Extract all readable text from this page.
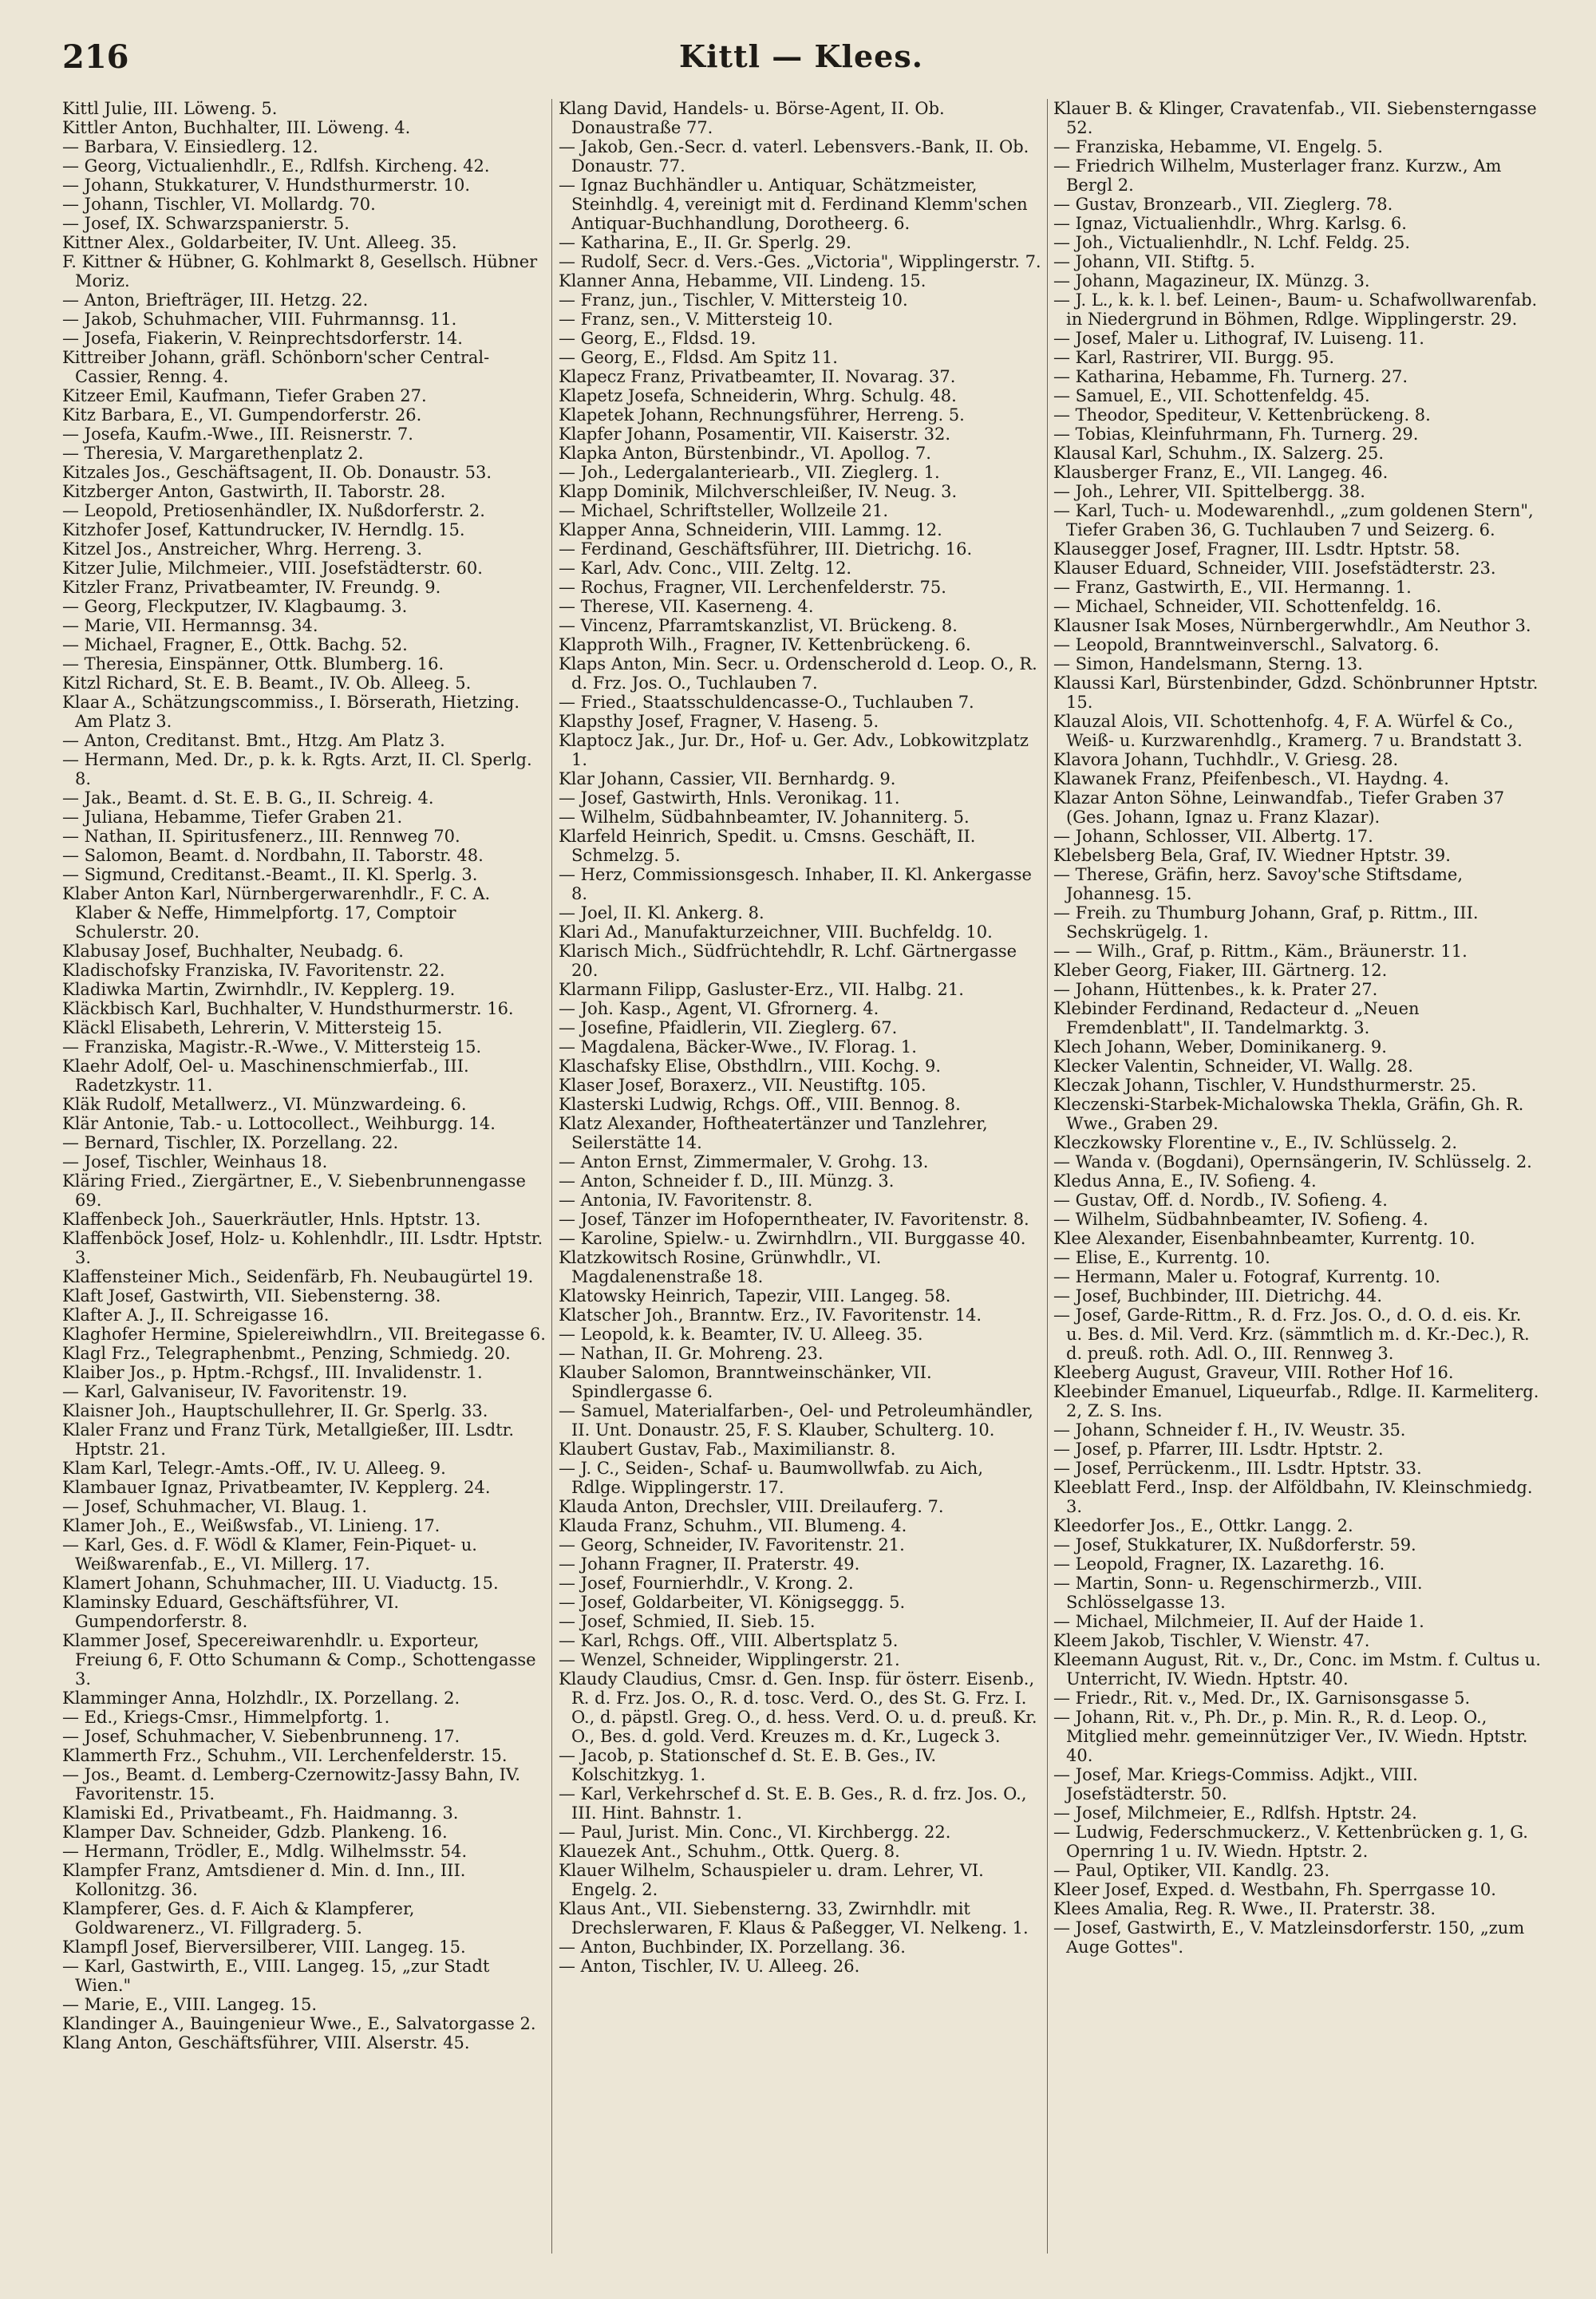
216	Kittl — Klees.

Kittl Julie, III. Löweng. 5.

Kittler Anton, Buchhalter, III. Löweng. 4.

— Barbara, V. Einsiedlerg. 12.

— Georg, Victualienhdlr., E., Rdlfsh. Kircheng. 42.

— Johann, Stukkaturer, V. Hundsthurmerstr. 10.

— Johann, Tischler, VI. Mollardg. 70.

— Josef, IX. Schwarzspanierstr. 5.

Kittner Alex., Goldarbeiter, IV. Unt. Alleeg. 35.

F. Kittner & Hübner, G. Kohlmarkt 8, Gesellsch. Hübner Moriz.

— Anton, Briefträger, III. Hetzg. 22.

— Jakob, Schuhmacher, VIII. Fuhrmannsg. 11.

— Josefa, Fiakerin, V. Reinprechtsdorferstr. 14.

Kittreiber Johann, gräfl. Schönborn'scher Central-Cassier, Renng. 4.

Kitzeer Emil, Kaufmann, Tiefer Graben 27.

Kitz Barbara, E., VI. Gumpendorferstr. 26.

— Josefa, Kaufm.-Wwe., III. Reisnerstr. 7.

— Theresia, V. Margarethenplatz 2.

Kitzales Jos., Geschäftsagent, II. Ob. Donaustr. 53.

Kitzberger Anton, Gastwirth, II. Taborstr. 28.

— Leopold, Pretiosenhändler, IX. Nußdorferstr. 2.

Kitzhofer Josef, Kattundrucker, IV. Herndlg. 15.

Kitzel Jos., Anstreicher, Whrg. Herreng. 3.

Kitzer Julie, Milchmeier., VIII. Josefstädterstr. 60.

Kitzler Franz, Privatbeamter, IV. Freundg. 9.

— Georg, Fleckputzer, IV. Klagbaumg. 3.

— Marie, VII. Hermannsg. 34.

— Michael, Fragner, E., Ottk. Bachg. 52.

— Theresia, Einspänner, Ottk. Blumberg. 16.

Kitzl Richard, St. E. B. Beamt., IV. Ob. Alleeg. 5.

Klaar A., Schätzungscommiss., I. Börserath, Hietzing. Am Platz 3.

— Anton, Creditanst. Bmt., Htzg. Am Platz 3.

— Hermann, Med. Dr., p. k. k. Rgts. Arzt, II. Cl. Sperlg. 8.

— Jak., Beamt. d. St. E. B. G., II. Schreig. 4.

— Juliana, Hebamme, Tiefer Graben 21.

— Nathan, II. Spiritusfenerz., III. Rennweg 70.

— Salomon, Beamt. d. Nordbahn, II. Taborstr. 48.

— Sigmund, Creditanst.-Beamt., II. Kl. Sperlg. 3.

Klaber Anton Karl, Nürnbergerwarenhdlr., F. C. A. Klaber & Neffe, Himmelpfortg. 17, Comptoir Schulerstr. 20.

Klabusay Josef, Buchhalter, Neubadg. 6.

Kladischofsky Franziska, IV. Favoritenstr. 22.

Kladiwka Martin, Zwirnhdlr., IV. Kepplerg. 19.

Kläckbisch Karl, Buchhalter, V. Hundsthurmerstr. 16.

Kläckl Elisabeth, Lehrerin, V. Mittersteig 15.

— Franziska, Magistr.-R.-Wwe., V. Mittersteig 15.

Klaehr Adolf, Oel- u. Maschinenschmierfab., III. Radetzkystr. 11.

Kläk Rudolf, Metallwerz., VI. Münzwardeing. 6.

Klär Antonie, Tab.- u. Lottocollect., Weihburgg. 14.

— Bernard, Tischler, IX. Porzellang. 22.

— Josef, Tischler, Weinhaus 18.

Kläring Fried., Ziergärtner, E., V. Siebenbrunnengasse 69.

Klaffenbeck Joh., Sauerkräutler, Hnls. Hptstr. 13.

Klaffenböck Josef, Holz- u. Kohlenhdlr., III. Lsdtr. Hptstr. 3.

Klaffensteiner Mich., Seidenfärb, Fh. Neubaugürtel 19.

Klaft Josef, Gastwirth, VII. Siebensterng. 38.

Klafter A. J., II. Schreigasse 16.

Klaghofer Hermine, Spielereiwhdlrn., VII. Breitegasse 6.

Klagl Frz., Telegraphenbmt., Penzing, Schmiedg. 20.

Klaiber Jos., p. Hptm.-Rchgsf., III. Invalidenstr. 1.

— Karl, Galvaniseur, IV. Favoritenstr. 19.

Klaisner Joh., Hauptschullehrer, II. Gr. Sperlg. 33.

Klaler Franz und Franz Türk, Metallgießer, III. Lsdtr. Hptstr. 21.

Klam Karl, Telegr.-Amts.-Off., IV. U. Alleeg. 9.

Klambauer Ignaz, Privatbeamter, IV. Kepplerg. 24.

— Josef, Schuhmacher, VI. Blaug. 1.

Klamer Joh., E., Weißwsfab., VI. Linieng. 17.

— Karl, Ges. d. F. Wödl & Klamer, Fein-Piquet- u. Weißwarenfab., E., VI. Millerg. 17.

Klamert Johann, Schuhmacher, III. U. Viaductg. 15.

Klaminsky Eduard, Geschäftsführer, VI. Gumpendorferstr. 8.

Klammer Josef, Specereiwarenhdlr. u. Exporteur, Freiung 6, F. Otto Schumann & Comp., Schottengasse 3.

Klamminger Anna, Holzhdlr., IX. Porzellang. 2.

— Ed., Kriegs-Cmsr., Himmelpfortg. 1.

— Josef, Schuhmacher, V. Siebenbrunneng. 17.

Klammerth Frz., Schuhm., VII. Lerchenfelderstr. 15.

— Jos., Beamt. d. Lemberg-Czernowitz-Jassy Bahn, IV. Favoritenstr. 15.

Klamiski Ed., Privatbeamt., Fh. Haidmanng. 3.

Klamper Dav. Schneider, Gdzb. Plankeng. 16.

— Hermann, Trödler, E., Mdlg. Wilhelmsstr. 54.

Klampfer Franz, Amtsdiener d. Min. d. Inn., III. Kollonitzg. 36.

Klampferer, Ges. d. F. Aich & Klampferer, Goldwarenerz., VI. Fillgraderg. 5.

Klampfl Josef, Bierversilberer, VIII. Langeg. 15.

— Karl, Gastwirth, E., VIII. Langeg. 15, „zur Stadt Wien."

— Marie, E., VIII. Langeg. 15.

Klandinger A., Bauingenieur Wwe., E., Salvatorgasse 2.

Klang Anton, Geschäftsführer, VIII. Alserstr. 45.

Klang David, Handels- u. Börse-Agent, II. Ob. Donaustraße 77.

— Jakob, Gen.-Secr. d. vaterl. Lebensvers.-Bank, II. Ob. Donaustr. 77.

— Ignaz Buchhändler u. Antiquar, Schätzmeister, Steinhdlg. 4, vereinigt mit d. Ferdinand Klemm'schen Antiquar-Buchhandlung, Dorotheerg. 6.

— Katharina, E., II. Gr. Sperlg. 29.

— Rudolf, Secr. d. Vers.-Ges. „Victoria", Wipplingerstr. 7.

Klanner Anna, Hebamme, VII. Lindeng. 15.

— Franz, jun., Tischler, V. Mittersteig 10.

— Franz, sen., V. Mittersteig 10.

— Georg, E., Fldsd. 19.

— Georg, E., Fldsd. Am Spitz 11.

Klapecz Franz, Privatbeamter, II. Novarag. 37.

Klapetz Josefa, Schneiderin, Whrg. Schulg. 48.

Klapetek Johann, Rechnungsführer, Herreng. 5.

Klapfer Johann, Posamentir, VII. Kaiserstr. 32.

Klapka Anton, Bürstenbindr., VI. Apollog. 7.

— Joh., Ledergalanteriearb., VII. Zieglerg. 1.

Klapp Dominik, Milchverschleißer, IV. Neug. 3.

— Michael, Schriftsteller, Wollzeile 21.

Klapper Anna, Schneiderin, VIII. Lammg. 12.

— Ferdinand, Geschäftsführer, III. Dietrichg. 16.

— Karl, Adv. Conc., VIII. Zeltg. 12.

— Rochus, Fragner, VII. Lerchenfelderstr. 75.

— Therese, VII. Kaserneng. 4.

— Vincenz, Pfarramtskanzlist, VI. Brückeng. 8.

Klapproth Wilh., Fragner, IV. Kettenbrückeng. 6.

Klaps Anton, Min. Secr. u. Ordenscherold d. Leop. O., R. d. Frz. Jos. O., Tuchlauben 7.

— Fried., Staatsschuldencasse-O., Tuchlauben 7.

Klapsthy Josef, Fragner, V. Haseng. 5.

Klaptocz Jak., Jur. Dr., Hof- u. Ger. Adv., Lobkowitzplatz 1.

Klar Johann, Cassier, VII. Bernhardg. 9.

— Josef, Gastwirth, Hnls. Veronikag. 11.

— Wilhelm, Südbahnbeamter, IV. Johanniterg. 5.

Klarfeld Heinrich, Spedit. u. Cmsns. Geschäft, II. Schmelzg. 5.

— Herz, Commissionsgesch. Inhaber, II. Kl. Ankergasse 8.

— Joel, II. Kl. Ankerg. 8.

Klari Ad., Manufakturzeichner, VIII. Buchfeldg. 10.

Klarisch Mich., Südfrüchtehdlr, R. Lchf. Gärtnergasse 20.

Klarmann Filipp, Gasluster-Erz., VII. Halbg. 21.

— Joh. Kasp., Agent, VI. Gfrornerg. 4.

— Josefine, Pfaidlerin, VII. Zieglerg. 67.

— Magdalena, Bäcker-Wwe., IV. Florag. 1.

Klaschafsky Elise, Obsthdlrn., VIII. Kochg. 9.

Klaser Josef, Boraxerz., VII. Neustiftg. 105.

Klasterski Ludwig, Rchgs. Off., VIII. Bennog. 8.

Klatz Alexander, Hoftheatertänzer und Tanzlehrer, Seilerstätte 14.

— Anton Ernst, Zimmermaler, V. Grohg. 13.

— Anton, Schneider f. D., III. Münzg. 3.

— Antonia, IV. Favoritenstr. 8.

— Josef, Tänzer im Hofoperntheater, IV. Favoritenstr. 8.

— Karoline, Spielw.- u. Zwirnhdlrn., VII. Burggasse 40.

Klatzkowitsch Rosine, Grünwhdlr., VI. Magdalenenstraße 18.

Klatowsky Heinrich, Tapezir, VIII. Langeg. 58.

Klatscher Joh., Branntw. Erz., IV. Favoritenstr. 14.

— Leopold, k. k. Beamter, IV. U. Alleeg. 35.

— Nathan, II. Gr. Mohreng. 23.

Klauber Salomon, Branntweinschänker, VII. Spindlergasse 6.

— Samuel, Materialfarben-, Oel- und Petroleumhändler, II. Unt. Donaustr. 25, F. S. Klauber, Schulterg. 10.

Klaubert Gustav, Fab., Maximilianstr. 8.

— J. C., Seiden-, Schaf- u. Baumwollwfab. zu Aich, Rdlge. Wipplingerstr. 17.

Klauda Anton, Drechsler, VIII. Dreilauferg. 7.

Klauda Franz, Schuhm., VII. Blumeng. 4.

— Georg, Schneider, IV. Favoritenstr. 21.

— Johann Fragner, II. Praterstr. 49.

— Josef, Fournierhdlr., V. Krong. 2.

— Josef, Goldarbeiter, VI. Königseggg. 5.

— Josef, Schmied, II. Sieb. 15.

— Karl, Rchgs. Off., VIII. Albertsplatz 5.

— Wenzel, Schneider, Wipplingerstr. 21.

Klaudy Claudius, Cmsr. d. Gen. Insp. für österr. Eisenb., R. d. Frz. Jos. O., R. d. tosc. Verd. O., des St. G. Frz. I. O., d. päpstl. Greg. O., d. hess. Verd. O. u. d. preuß. Kr. O., Bes. d. gold. Verd. Kreuzes m. d. Kr., Lugeck 3.

— Jacob, p. Stationschef d. St. E. B. Ges., IV. Kolschitzkyg. 1.

— Karl, Verkehrschef d. St. E. B. Ges., R. d. frz. Jos. O., III. Hint. Bahnstr. 1.

— Paul, Jurist. Min. Conc., VI. Kirchbergg. 22.

Klauezek Ant., Schuhm., Ottk. Querg. 8.

Klauer Wilhelm, Schauspieler u. dram. Lehrer, VI. Engelg. 2.

Klaus Ant., VII. Siebensterng. 33, Zwirnhdlr. mit Drechslerwaren, F. Klaus & Paßegger, VI. Nelkeng. 1.

— Anton, Buchbinder, IX. Porzellang. 36.

— Anton, Tischler, IV. U. Alleeg. 26.

Klauer B. & Klinger, Cravatenfab., VII. Siebensterngasse 52.

— Franziska, Hebamme, VI. Engelg. 5.

— Friedrich Wilhelm, Musterlager franz. Kurzw., Am Bergl 2.

— Gustav, Bronzearb., VII. Zieglerg. 78.

— Ignaz, Victualienhdlr., Whrg. Karlsg. 6.

— Joh., Victualienhdlr., N. Lchf. Feldg. 25.

— Johann, VII. Stiftg. 5.

— Johann, Magazineur, IX. Münzg. 3.

— J. L., k. k. l. bef. Leinen-, Baum- u. Schafwollwarenfab. in Niedergrund in Böhmen, Rdlge. Wipplingerstr. 29.

— Josef, Maler u. Lithograf, IV. Luiseng. 11.

— Karl, Rastrirer, VII. Burgg. 95.

— Katharina, Hebamme, Fh. Turnerg. 27.

— Samuel, E., VII. Schottenfeldg. 45.

— Theodor, Spediteur, V. Kettenbrückeng. 8.

— Tobias, Kleinfuhrmann, Fh. Turnerg. 29.

Klausal Karl, Schuhm., IX. Salzerg. 25.

Klausberger Franz, E., VII. Langeg. 46.

— Joh., Lehrer, VII. Spittelbergg. 38.

— Karl, Tuch- u. Modewarenhdl., „zum goldenen Stern", Tiefer Graben 36, G. Tuchlauben 7 und Seizerg. 6.

Klausegger Josef, Fragner, III. Lsdtr. Hptstr. 58.

Klauser Eduard, Schneider, VIII. Josefstädterstr. 23.

— Franz, Gastwirth, E., VII. Hermanng. 1.

— Michael, Schneider, VII. Schottenfeldg. 16.

Klausner Isak Moses, Nürnbergerwhdlr., Am Neuthor 3.

— Leopold, Branntweinverschl., Salvatorg. 6.

— Simon, Handelsmann, Sterng. 13.

Klaussi Karl, Bürstenbinder, Gdzd. Schönbrunner Hptstr. 15.

Klauzal Alois, VII. Schottenhofg. 4, F. A. Würfel & Co., Weiß- u. Kurzwarenhdlg., Kramerg. 7 u. Brandstatt 3.

Klavora Johann, Tuchhdlr., V. Griesg. 28.

Klawanek Franz, Pfeifenbesch., VI. Haydng. 4.

Klazar Anton Söhne, Leinwandfab., Tiefer Graben 37 (Ges. Johann, Ignaz u. Franz Klazar).

— Johann, Schlosser, VII. Albertg. 17.

Klebelsberg Bela, Graf, IV. Wiedner Hptstr. 39.

— Therese, Gräfin, herz. Savoy'sche Stiftsdame, Johannesg. 15.

— Freih. zu Thumburg Johann, Graf, p. Rittm., III. Sechskrügelg. 1.

— — Wilh., Graf, p. Rittm., Käm., Bräunerstr. 11.

Kleber Georg, Fiaker, III. Gärtnerg. 12.

— Johann, Hüttenbes., k. k. Prater 27.

Klebinder Ferdinand, Redacteur d. „Neuen Fremdenblatt", II. Tandelmarktg. 3.

Klech Johann, Weber, Dominikanerg. 9.

Klecker Valentin, Schneider, VI. Wallg. 28.

Kleczak Johann, Tischler, V. Hundsthurmerstr. 25.

Kleczenski-Starbek-Michalowska Thekla, Gräfin, Gh. R. Wwe., Graben 29.

Kleczkowsky Florentine v., E., IV. Schlüsselg. 2.

— Wanda v. (Bogdani), Opernsängerin, IV. Schlüsselg. 2.

Kledus Anna, E., IV. Sofieng. 4.

— Gustav, Off. d. Nordb., IV. Sofieng. 4.

— Wilhelm, Südbahnbeamter, IV. Sofieng. 4.

Klee Alexander, Eisenbahnbeamter, Kurrentg. 10.

— Elise, E., Kurrentg. 10.

— Hermann, Maler u. Fotograf, Kurrentg. 10.

— Josef, Buchbinder, III. Dietrichg. 44.

— Josef, Garde-Rittm., R. d. Frz. Jos. O., d. O. d. eis. Kr. u. Bes. d. Mil. Verd. Krz. (sämmtlich m. d. Kr.-Dec.), R. d. preuß. roth. Adl. O., III. Rennweg 3.

Kleeberg August, Graveur, VIII. Rother Hof 16.

Kleebinder Emanuel, Liqueurfab., Rdlge. II. Karmeliterg. 2, Z. S. Ins.

— Johann, Schneider f. H., IV. Weustr. 35.

— Josef, p. Pfarrer, III. Lsdtr. Hptstr. 2.

— Josef, Perrückenm., III. Lsdtr. Hptstr. 33.

Kleeblatt Ferd., Insp. der Alföldbahn, IV. Kleinschmiedg. 3.

Kleedorfer Jos., E., Ottkr. Langg. 2.

— Josef, Stukkaturer, IX. Nußdorferstr. 59.

— Leopold, Fragner, IX. Lazarethg. 16.

— Martin, Sonn- u. Regenschirmerzb., VIII. Schlösselgasse 13.

— Michael, Milchmeier, II. Auf der Haide 1.

Kleem Jakob, Tischler, V. Wienstr. 47.

Kleemann August, Rit. v., Dr., Conc. im Mstm. f. Cultus u. Unterricht, IV. Wiedn. Hptstr. 40.

— Friedr., Rit. v., Med. Dr., IX. Garnisonsgasse 5.

— Johann, Rit. v., Ph. Dr., p. Min. R., R. d. Leop. O., Mitglied mehr. gemeinnütziger Ver., IV. Wiedn. Hptstr. 40.

— Josef, Mar. Kriegs-Commiss. Adjkt., VIII. Josefstädterstr. 50.

— Josef, Milchmeier, E., Rdlfsh. Hptstr. 24.

— Ludwig, Federschmuckerz., V. Kettenbrücken g. 1, G. Opernring 1 u. IV. Wiedn. Hptstr. 2.

— Paul, Optiker, VII. Kandlg. 23.

Kleer Josef, Exped. d. Westbahn, Fh. Sperrgasse 10.

Klees Amalia, Reg. R. Wwe., II. Praterstr. 38.

— Josef, Gastwirth, E., V. Matzleinsdorferstr. 150, „zum Auge Gottes".
